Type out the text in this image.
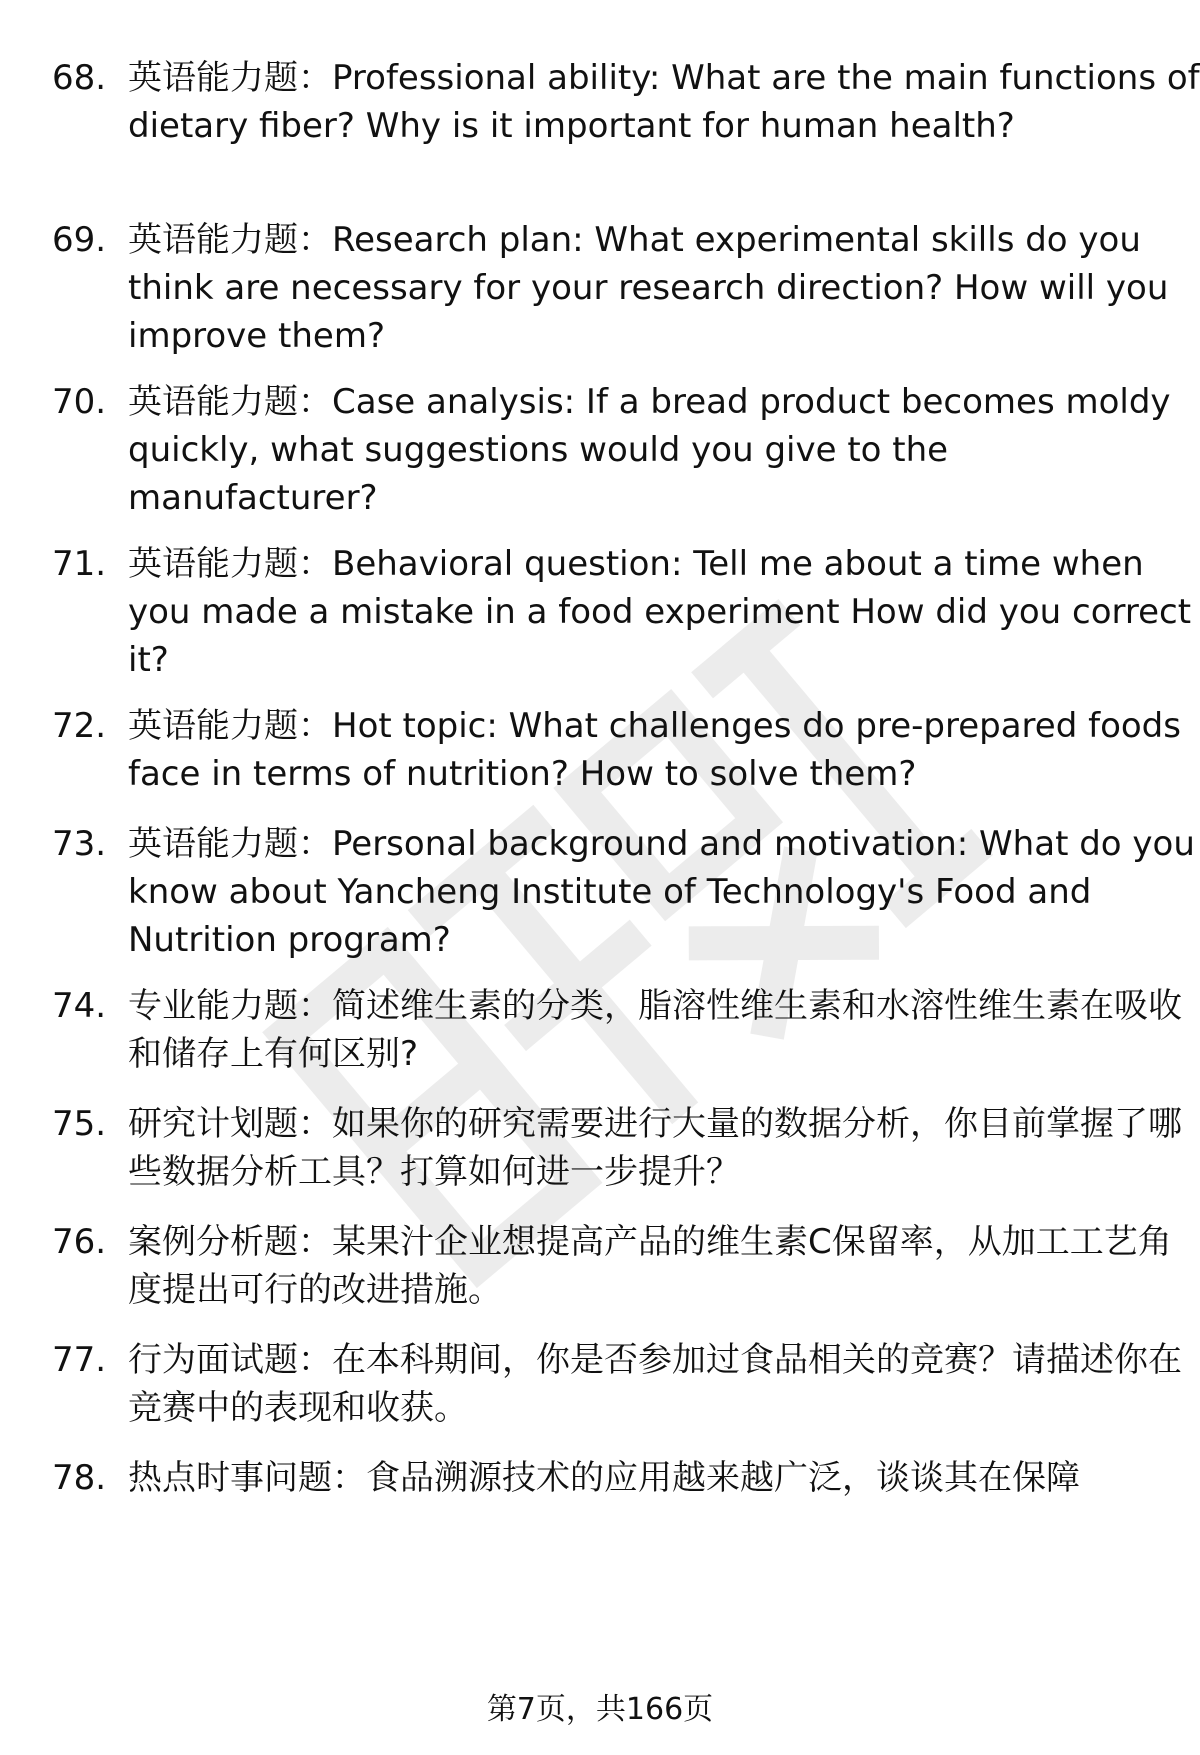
68. 英语能力题：Professional ability: What are the main functions of dietary fiber? Why is it important for human health?
69. 英语能力题：Research plan: What experimental skills do you think are necessary for your research direction? How will you improve them?
70. 英语能力题：Case analysis: If a bread product becomes moldy quickly, what suggestions would you give to the manufacturer?
71. 英语能力题：Behavioral question: Tell me about a time when you made a mistake in a food experiment How did you correct it?
72. 英语能力题：Hot topic: What challenges do pre-prepared foods face in terms of nutrition? How to solve them?
73. 英语能力题：Personal background and motivation: What do you know about Yancheng Institute of Technology's Food and Nutrition program?
74. 专业能力题：简述维生素的分类，脂溶性维生素和水溶性维生素在吸收和储存上有何区别?
75. 研究计划题：如果你的研究需要进行大量的数据分析，你目前掌握了哪些数据分析工具？打算如何进一步提升？
76. 案例分析题：某果汁企业想提高产品的维生素C保留率，从加工工艺角度提出可行的改进措施。
77. 行为面试题：在本科期间，你是否参加过食品相关的竞赛？请描述你在竞赛中的表现和收获。
78. 热点时事问题：食品溯源技术的应用越来越广泛，谈谈其在保障
第7页，共166页
